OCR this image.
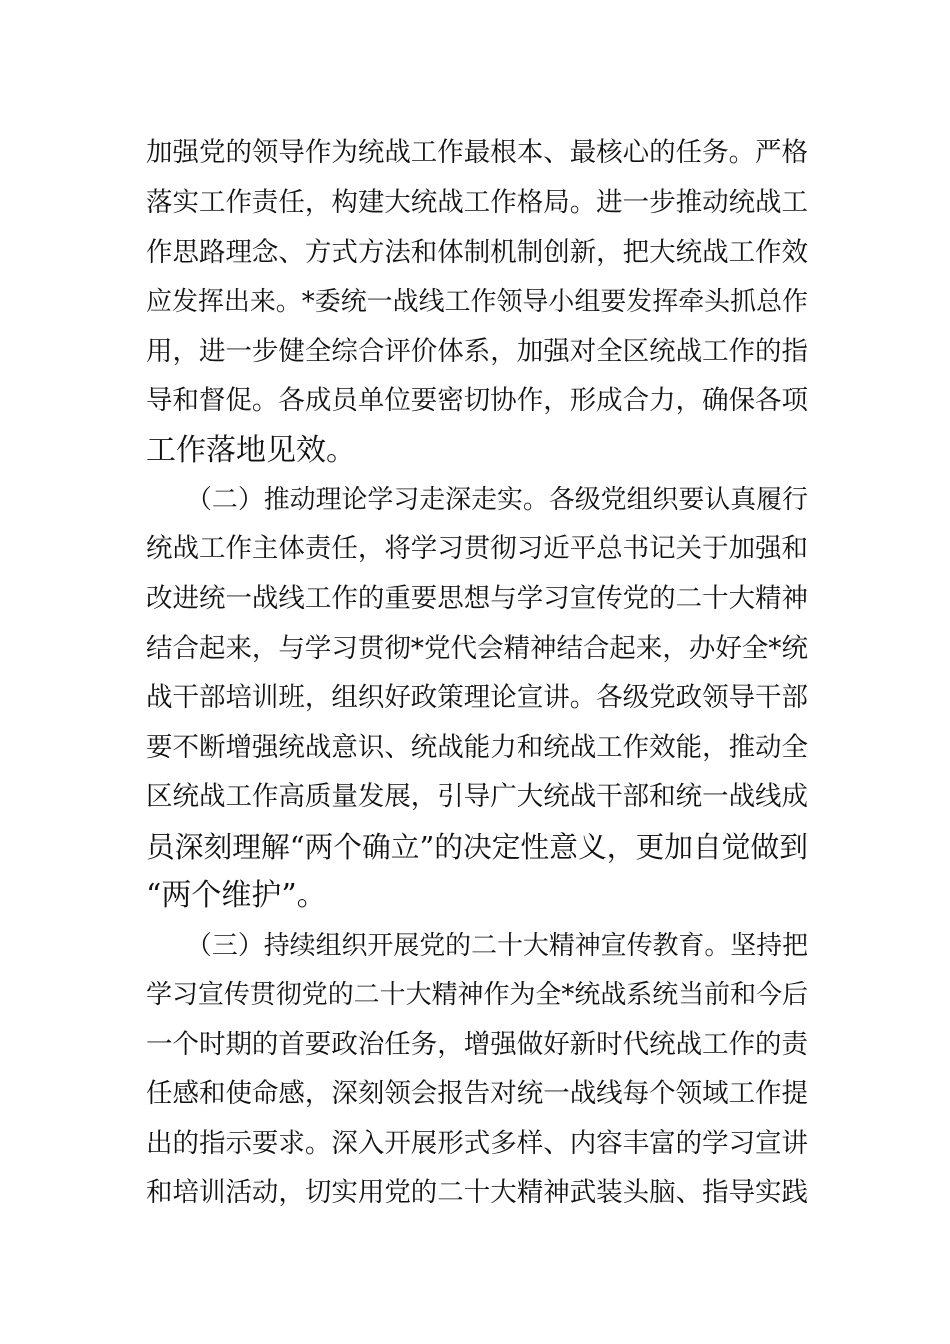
加强党的领导作为统战工作最根本、最核心的任务。严格
落实工作责任，构建大统战工作格局。进一步推动统战工
作思路理念、方式方法和体制机制创新，把大统战工作效
应发挥出来。*委统一战线工作领导小组要发挥牵头抓总作
用，进一步健全综合评价体系，加强对全区统战工作的指
导和督促。各成员单位要密切协作，形成合力，确保各项
工作落地见效。
（二）推动理论学习走深走实。各级党组织要认真履行
统战工作主体责任，将学习贯彻习近平总书记关于加强和
改进统一战线工作的重要思想与学习宣传党的二十大精神
结合起来，与学习贯彻*党代会精神结合起来，办好全*统
战干部培训班，组织好政策理论宣讲。各级党政领导干部
要不断增强统战意识、统战能力和统战工作效能，推动全
区统战工作高质量发展，引导广大统战干部和统一战线成
员深刻理解“两个确立”的决定性意义，更加自觉做到
“两个维护”。
（三）持续组织开展党的二十大精神宣传教育。坚持把
学习宣传贯彻党的二十大精神作为全*统战系统当前和今后
一个时期的首要政治任务，增强做好新时代统战工作的责
任感和使命感，深刻领会报告对统一战线每个领域工作提
出的指示要求。深入开展形式多样、内容丰富的学习宣讲
和培训活动，切实用党的二十大精神武装头脑、指导实践
